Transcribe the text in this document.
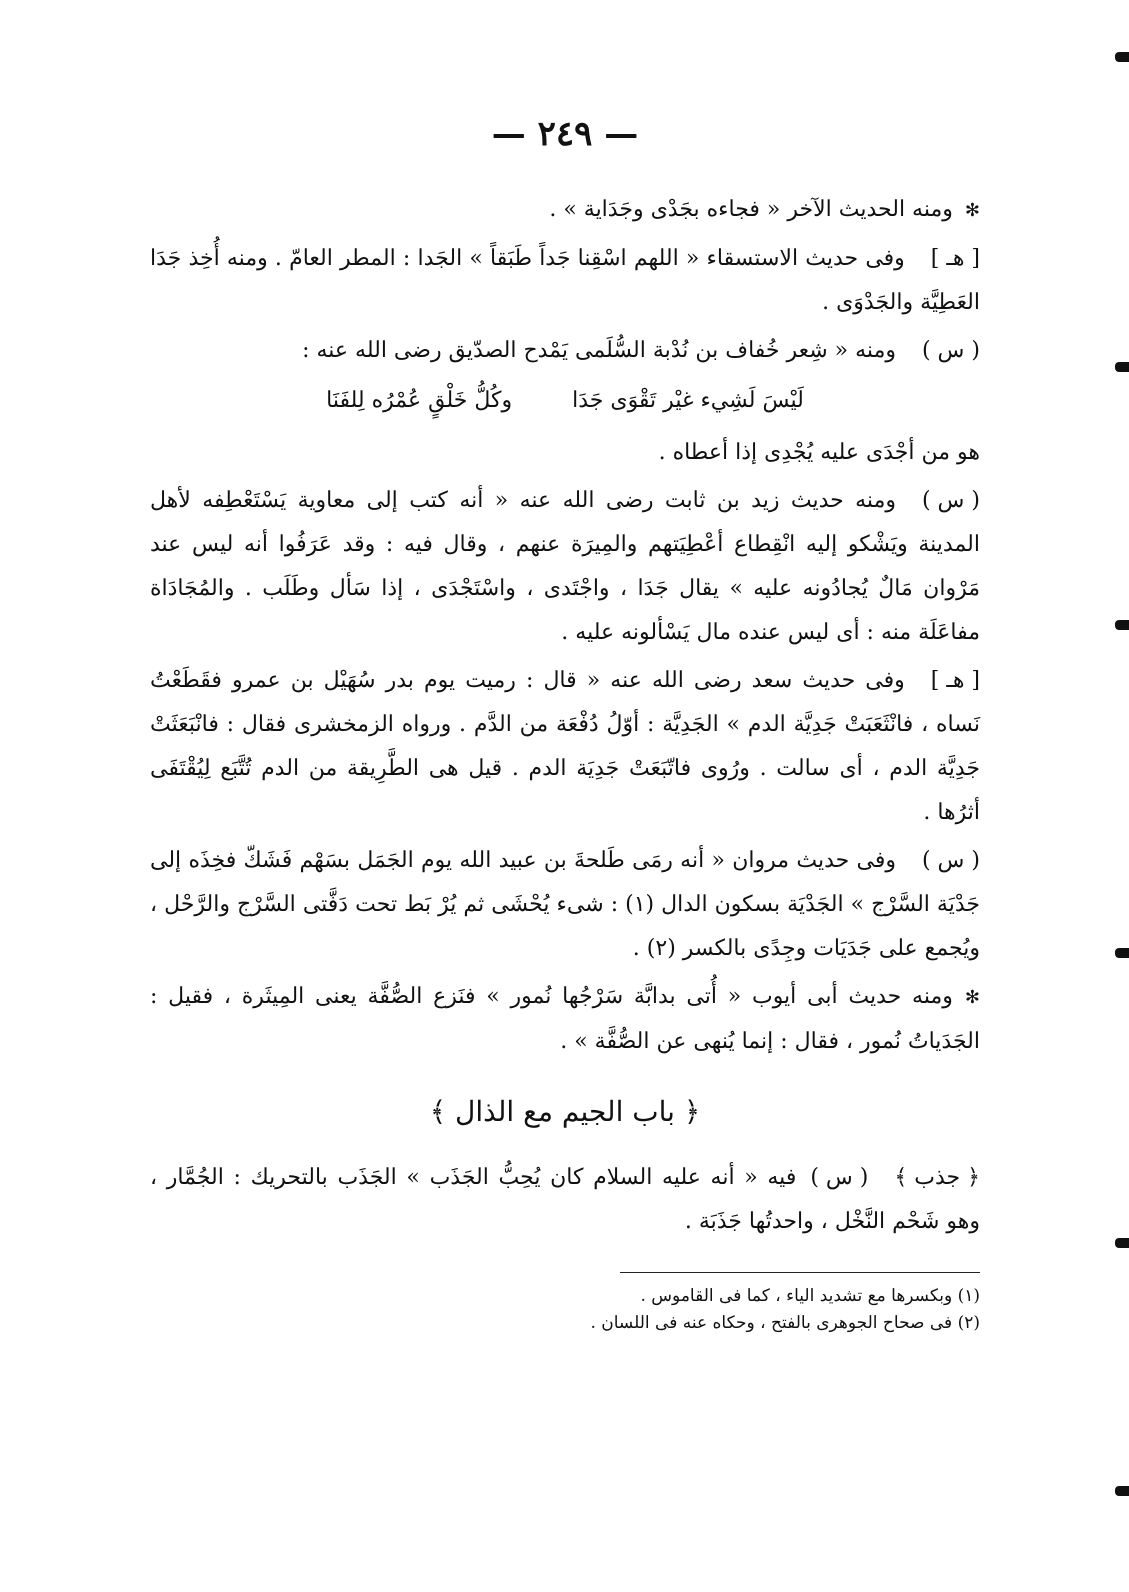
— ٢٤٩ —

✻ومنه الحديث الآخر « فجاءه بجَدْى وجَدَاية » .

[ هـ ]وفى حديث الاستسقاء « اللهم اسْقِنا جَداً طَبَقاً » الجَدا : المطر العامّ . ومنه أُخِذ جَدَا العَطِيَّة والجَدْوَى .

( س )ومنه « شِعر خُفاف بن نُدْبة السُّلَمى يَمْدح الصدّيق رضى الله عنه :

لَيْسَ لَشِيء غيْر تَقْوَى جَدَا
وكُلُّ خَلْقٍ عُمْرُه لِلفَنَا

هو من أجْدَى عليه يُجْدِى إذا أعطاه .

( س )ومنه حديث زيد بن ثابت رضى الله عنه « أنه كتب إلى معاوية يَسْتَعْطِفه لأهل المدينة ويَشْكو إليه انْقِطاع أعْطِيَتهم والمِيرَة عنهم ، وقال فيه : وقد عَرَفُوا أنه ليس عند مَرْوان مَالٌ يُجادُونه عليه » يقال جَدَا ، واجْتَدى ، واسْتَجْدَى ، إذا سَأل وطَلَب . والمُجَادَاة مفاعَلَة منه : أى ليس عنده مال يَسْألونه عليه .

[ هـ ]وفى حديث سعد رضى الله عنه « قال : رميت يوم بدر سُهَيْل بن عمرو فقَطَعْتُ نَساه ، فانْثَعَبَتْ جَدِيَّة الدم » الجَدِيَّة : أوّلُ دُفْعَة من الدَّم . ورواه الزمخشرى فقال : فانْبَعَثَتْ جَدِيَّة الدم ، أى سالت . ورُوى فاتّبَعَتْ جَدِيَة الدم . قيل هى الطَّرِيقة من الدم تُتَّبَع لِيُقْتَفَى أثرُها .

( س )وفى حديث مروان « أنه رمَى طَلحةَ بن عبيد الله يوم الجَمَل بسَهْم فَشَكّ فخِذَه إلى جَدْيَة السَّرْج » الجَدْيَة بسكون الدال (١) : شىء يُحْشَى ثم يُرْ بَط تحت دَفَّتى السَّرْج والرَّحْل ، ويُجمع على جَدَيَات وجِدًى بالكسر (٢) .

✻ومنه حديث أبى أيوب « أُتى بدابَّة سَرْجُها نُمور » فنَزع الصُّفَّة يعنى المِيثَرة ، فقيل : الجَدَياتُ نُمور ، فقال : إنما يُنهى عن الصُّفَّة » .

﴿ باب الجيم مع الذال ﴾

﴿ جذب ﴾( س )فيه « أنه عليه السلام كان يُحِبُّ الجَذَب » الجَذَب بالتحريك : الجُمَّار ، وهو شَحْم النَّخْل ، واحدتُها جَذَبَة .

(١) وبكسرها مع تشديد الياء ، كما فى القاموس .

(٢) فى صحاح الجوهرى بالفتح ، وحكاه عنه فى اللسان .
